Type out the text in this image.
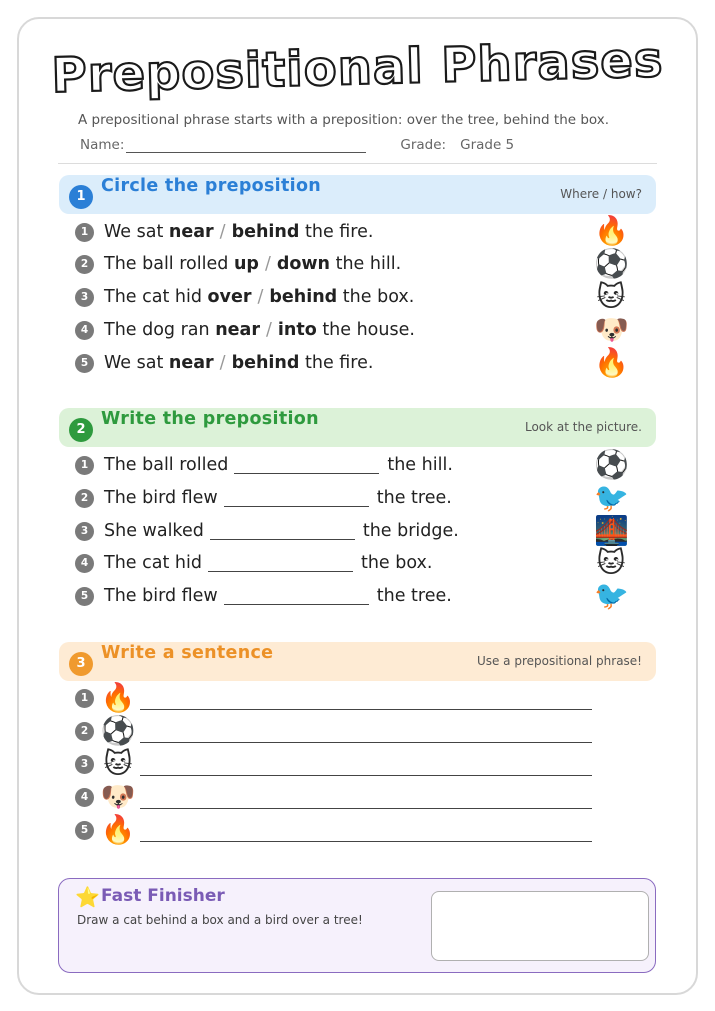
Prepositional Phrases
A prepositional phrase starts with a preposition: over the tree, behind the box.
Name:	Grade: Grade 5
1
Circle the preposition	Where / how?
1 We sat
near / behind
the fire.	🔥
2 The ball rolled
up / down
the hill.	⚽
3 The cat hid
over / behind
the box.	🐱
4 The dog ran
near / into
the house.	🐶
5 We sat
near / behind
the fire.	🔥
2
Write the preposition	Look at the picture.
1 The ball rolled	the hill.	⚽
2 The bird flew	the tree.	🐦
3 She walked	the bridge.	🌉
4 The cat hid	the box.	🐱
5 The bird flew	the tree.	🐦
3
Write a sentence	Use a prepositional phrase!
1 🔥
2 ⚽
3 🐱
4 🐶
5 🔥
⭐ Fast Finisher
Draw a cat behind a box and a bird over a tree!
